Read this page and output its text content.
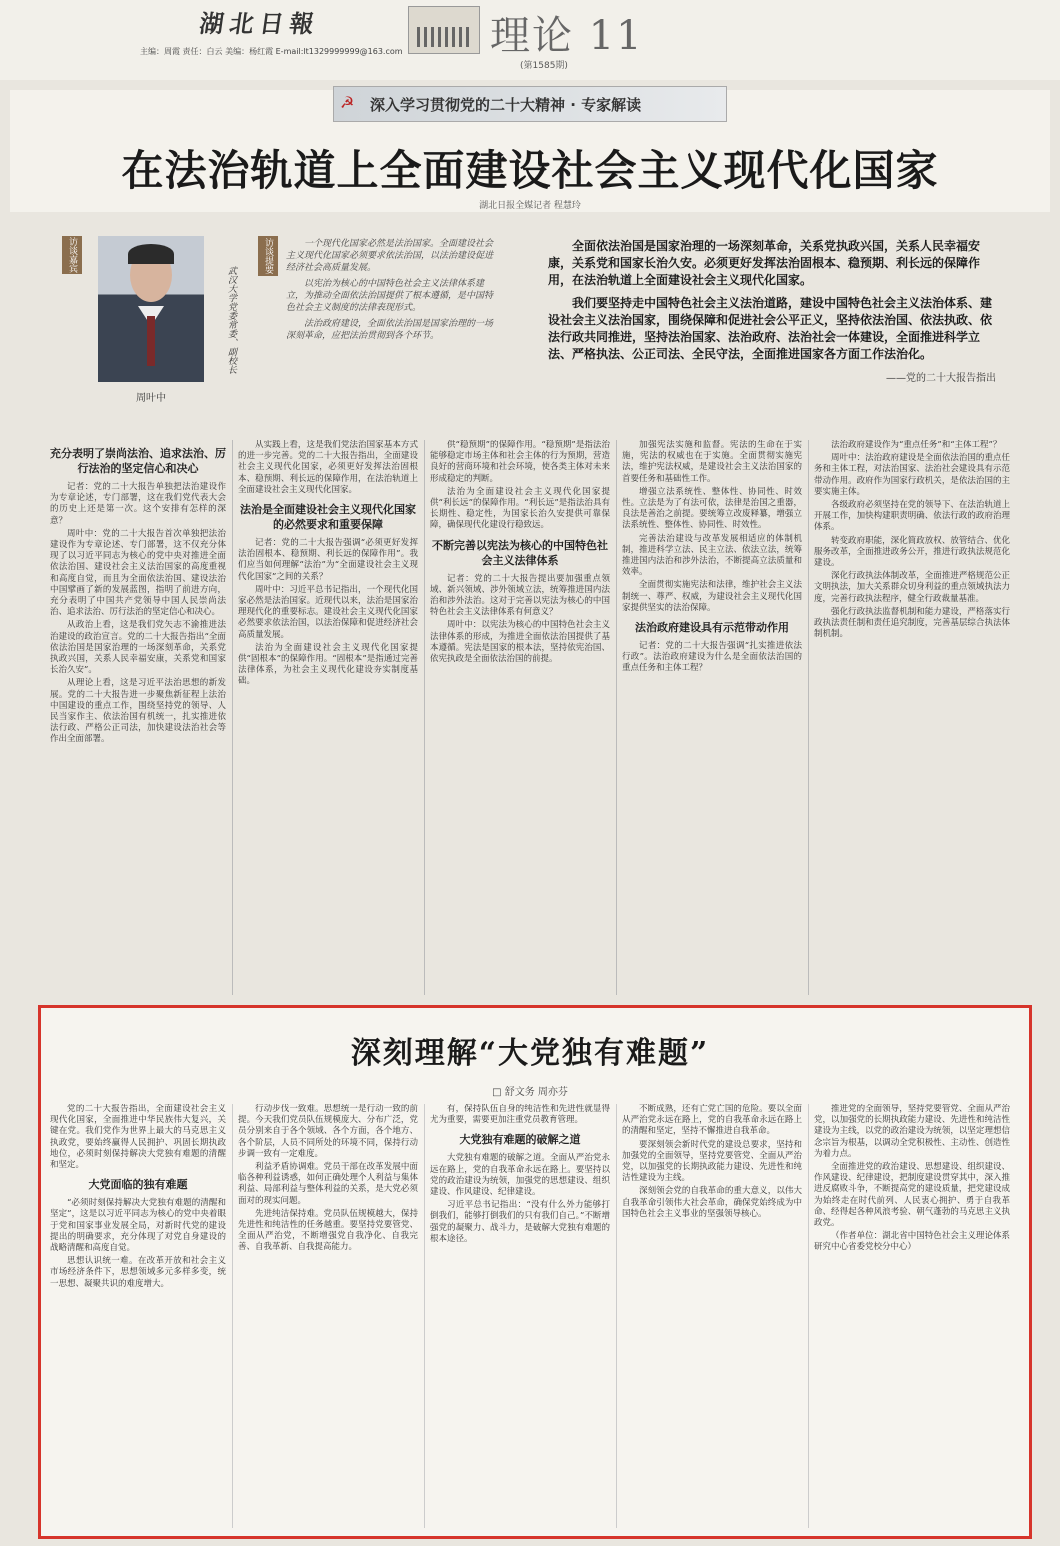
湖北日報
主编：周霞 责任：白云 美编：杨红霞 E-mail:lt1329999999@163.com 理论 11
(第1585期)
☭ 深入学习贯彻党的二十大精神 · 专家解读
在法治轨道上全面建设社会主义现代化国家
湖北日报全媒记者 程慧玲
访谈嘉宾
周叶中
武汉大学党委常委、副校长
访谈提要	一个现代化国家必然是法治国家。全面建设社会主义现代化国家必须要求依法治国，以法治建设促进经济社会高质量发展。

以宪治为核心的中国特色社会主义法律体系建立，为推动全面依法治国提供了根本遵循，是中国特色社会主义制度的法律表现形式。

法治政府建设，全面依法治国是国家治理的一场深刻革命，应把法治贯彻到各个环节。

全面依法治国是国家治理的一场深刻革命，关系党执政兴国，关系人民幸福安康，关系党和国家长治久安。必须更好发挥法治固根本、稳预期、利长远的保障作用，在法治轨道上全面建设社会主义现代化国家。

我们要坚持走中国特色社会主义法治道路，建设中国特色社会主义法治体系、建设社会主义法治国家，围绕保障和促进社会公平正义，坚持依法治国、依法执政、依法行政共同推进，坚持法治国家、法治政府、法治社会一体建设，全面推进科学立法、严格执法、公正司法、全民守法，全面推进国家各方面工作法治化。

——党的二十大报告指出
充分表明了崇尚法治、追求法治、厉行法治的坚定信心和决心

记者：党的二十大报告单独把法治建设作为专章论述，专门部署，这在我们党代表大会的历史上还是第一次。这个安排有怎样的深意？

周叶中：党的二十大报告首次单独把法治建设作为专章论述、专门部署，这不仅充分体现了以习近平同志为核心的党中央对推进全面依法治国、建设社会主义法治国家的高度重视和高度自觉，而且为全面依法治国、建设法治中国擘画了新的发展蓝图，指明了前进方向，充分表明了中国共产党领导中国人民崇尚法治、追求法治、厉行法治的坚定信心和决心。

从政治上看，这是我们党矢志不渝推进法治建设的政治宣言。党的二十大报告指出“全面依法治国是国家治理的一场深刻革命，关系党执政兴国，关系人民幸福安康，关系党和国家长治久安”。

从理论上看，这是习近平法治思想的新发展。党的二十大报告进一步聚焦新征程上法治中国建设的重点工作，围绕坚持党的领导、人民当家作主、依法治国有机统一，扎实推进依法行政、严格公正司法，加快建设法治社会等作出全面部署。

从实践上看，这是我们党法治国家基本方式的进一步完善。党的二十大报告指出，全面建设社会主义现代化国家，必须更好发挥法治固根本、稳预期、利长远的保障作用，在法治轨道上全面建设社会主义现代化国家。

法治是全面建设社会主义现代化国家的必然要求和重要保障

记者：党的二十大报告强调“必须更好发挥法治固根本、稳预期、利长远的保障作用”。我们应当如何理解“法治”为“全面建设社会主义现代化国家”之间的关系？

周叶中：习近平总书记指出，一个现代化国家必然是法治国家。近现代以来，法治是国家治理现代化的重要标志。建设社会主义现代化国家必然要求依法治国，以法治保障和促进经济社会高质量发展。

法治为全面建设社会主义现代化国家提供“固根本”的保障作用。“固根本”是指通过完善法律体系，为社会主义现代化建设夯实制度基础。

供“稳预期”的保障作用。“稳预期”是指法治能够稳定市场主体和社会主体的行为预期，营造良好的营商环境和社会环境，使各类主体对未来形成稳定的判断。

法治为全面建设社会主义现代化国家提供“利长远”的保障作用。“利长远”是指法治具有长期性、稳定性，为国家长治久安提供可靠保障，确保现代化建设行稳致远。

不断完善以宪法为核心的中国特色社会主义法律体系

记者：党的二十大报告提出要加强重点领域、新兴领域、涉外领域立法，统筹推进国内法治和涉外法治。这对于完善以宪法为核心的中国特色社会主义法律体系有何意义？

周叶中：以宪法为核心的中国特色社会主义法律体系的形成，为推进全面依法治国提供了基本遵循。宪法是国家的根本法，坚持依宪治国、依宪执政是全面依法治国的前提。

加强宪法实施和监督。宪法的生命在于实施，宪法的权威也在于实施。全面贯彻实施宪法，维护宪法权威，是建设社会主义法治国家的首要任务和基础性工作。

增强立法系统性、整体性、协同性、时效性。立法是为了有法可依，法律是治国之重器，良法是善治之前提。要统筹立改废释纂，增强立法系统性、整体性、协同性、时效性。

完善法治建设与改革发展相适应的体制机制，推进科学立法、民主立法、依法立法，统筹推进国内法治和涉外法治，不断提高立法质量和效率。

全面贯彻实施宪法和法律，维护社会主义法制统一、尊严、权威，为建设社会主义现代化国家提供坚实的法治保障。

法治政府建设具有示范带动作用

记者：党的二十大报告强调“扎实推进依法行政”。法治政府建设为什么是全面依法治国的重点任务和主体工程？

法治政府建设作为“重点任务”和“主体工程”？

周叶中：法治政府建设是全面依法治国的重点任务和主体工程，对法治国家、法治社会建设具有示范带动作用。政府作为国家行政机关，是依法治国的主要实施主体。

各级政府必须坚持在党的领导下、在法治轨道上开展工作，加快构建职责明确、依法行政的政府治理体系。

转变政府职能，深化简政放权、放管结合、优化服务改革，全面推进政务公开，推进行政执法规范化建设。

深化行政执法体制改革，全面推进严格规范公正文明执法，加大关系群众切身利益的重点领域执法力度，完善行政执法程序，健全行政裁量基准。

强化行政执法监督机制和能力建设，严格落实行政执法责任制和责任追究制度，完善基层综合执法体制机制。

深刻理解“大党独有难题”
□ 舒文务 周亦芬

党的二十大报告指出，全面建设社会主义现代化国家，全面推进中华民族伟大复兴，关键在党。我们党作为世界上最大的马克思主义执政党，要始终赢得人民拥护、巩固长期执政地位，必须时刻保持解决大党独有难题的清醒和坚定。

大党面临的独有难题

“必须时刻保持解决大党独有难题的清醒和坚定”，这是以习近平同志为核心的党中央着眼于党和国家事业发展全局，对新时代党的建设提出的明确要求，充分体现了对党自身建设的战略清醒和高度自觉。

思想认识统一难。在改革开放和社会主义市场经济条件下，思想领域多元多样多变，统一思想、凝聚共识的难度增大。

行动步伐一致难。思想统一是行动一致的前提。今天我们党员队伍规模庞大、分布广泛，党员分别来自于各个领域、各个方面，各个地方、各个阶层，人员不同所处的环境不同，保持行动步调一致有一定难度。

利益矛盾协调难。党员干部在改革发展中面临各种利益诱惑，如何正确处理个人利益与集体利益、局部利益与整体利益的关系，是大党必须面对的现实问题。

先进纯洁保持难。党员队伍规模越大，保持先进性和纯洁性的任务越重。要坚持党要管党、全面从严治党，不断增强党自我净化、自我完善、自我革新、自我提高能力。

有，保持队伍自身的纯洁性和先进性就显得尤为重要，需要更加注重党员教育管理。

大党独有难题的破解之道

大党独有难题的破解之道。全面从严治党永远在路上，党的自我革命永远在路上。要坚持以党的政治建设为统领，加强党的思想建设、组织建设、作风建设、纪律建设。

习近平总书记指出：“没有什么外力能够打倒我们，能够打倒我们的只有我们自己。”不断增强党的凝聚力、战斗力，是破解大党独有难题的根本途径。

不断成熟，还有亡党亡国的危险。要以全面从严治党永远在路上，党的自我革命永远在路上的清醒和坚定，坚持不懈推进自我革命。

要深刻领会新时代党的建设总要求，坚持和加强党的全面领导，坚持党要管党、全面从严治党，以加强党的长期执政能力建设、先进性和纯洁性建设为主线。

深刻领会党的自我革命的重大意义，以伟大自我革命引领伟大社会革命，确保党始终成为中国特色社会主义事业的坚强领导核心。

推进党的全面领导，坚持党要管党、全面从严治党，以加强党的长期执政能力建设、先进性和纯洁性建设为主线，以党的政治建设为统领，以坚定理想信念宗旨为根基，以调动全党积极性、主动性、创造性为着力点。

全面推进党的政治建设、思想建设、组织建设、作风建设、纪律建设，把制度建设贯穿其中，深入推进反腐败斗争，不断提高党的建设质量，把党建设成为始终走在时代前列、人民衷心拥护、勇于自我革命、经得起各种风浪考验、朝气蓬勃的马克思主义执政党。

（作者单位：湖北省中国特色社会主义理论体系研究中心省委党校分中心）
